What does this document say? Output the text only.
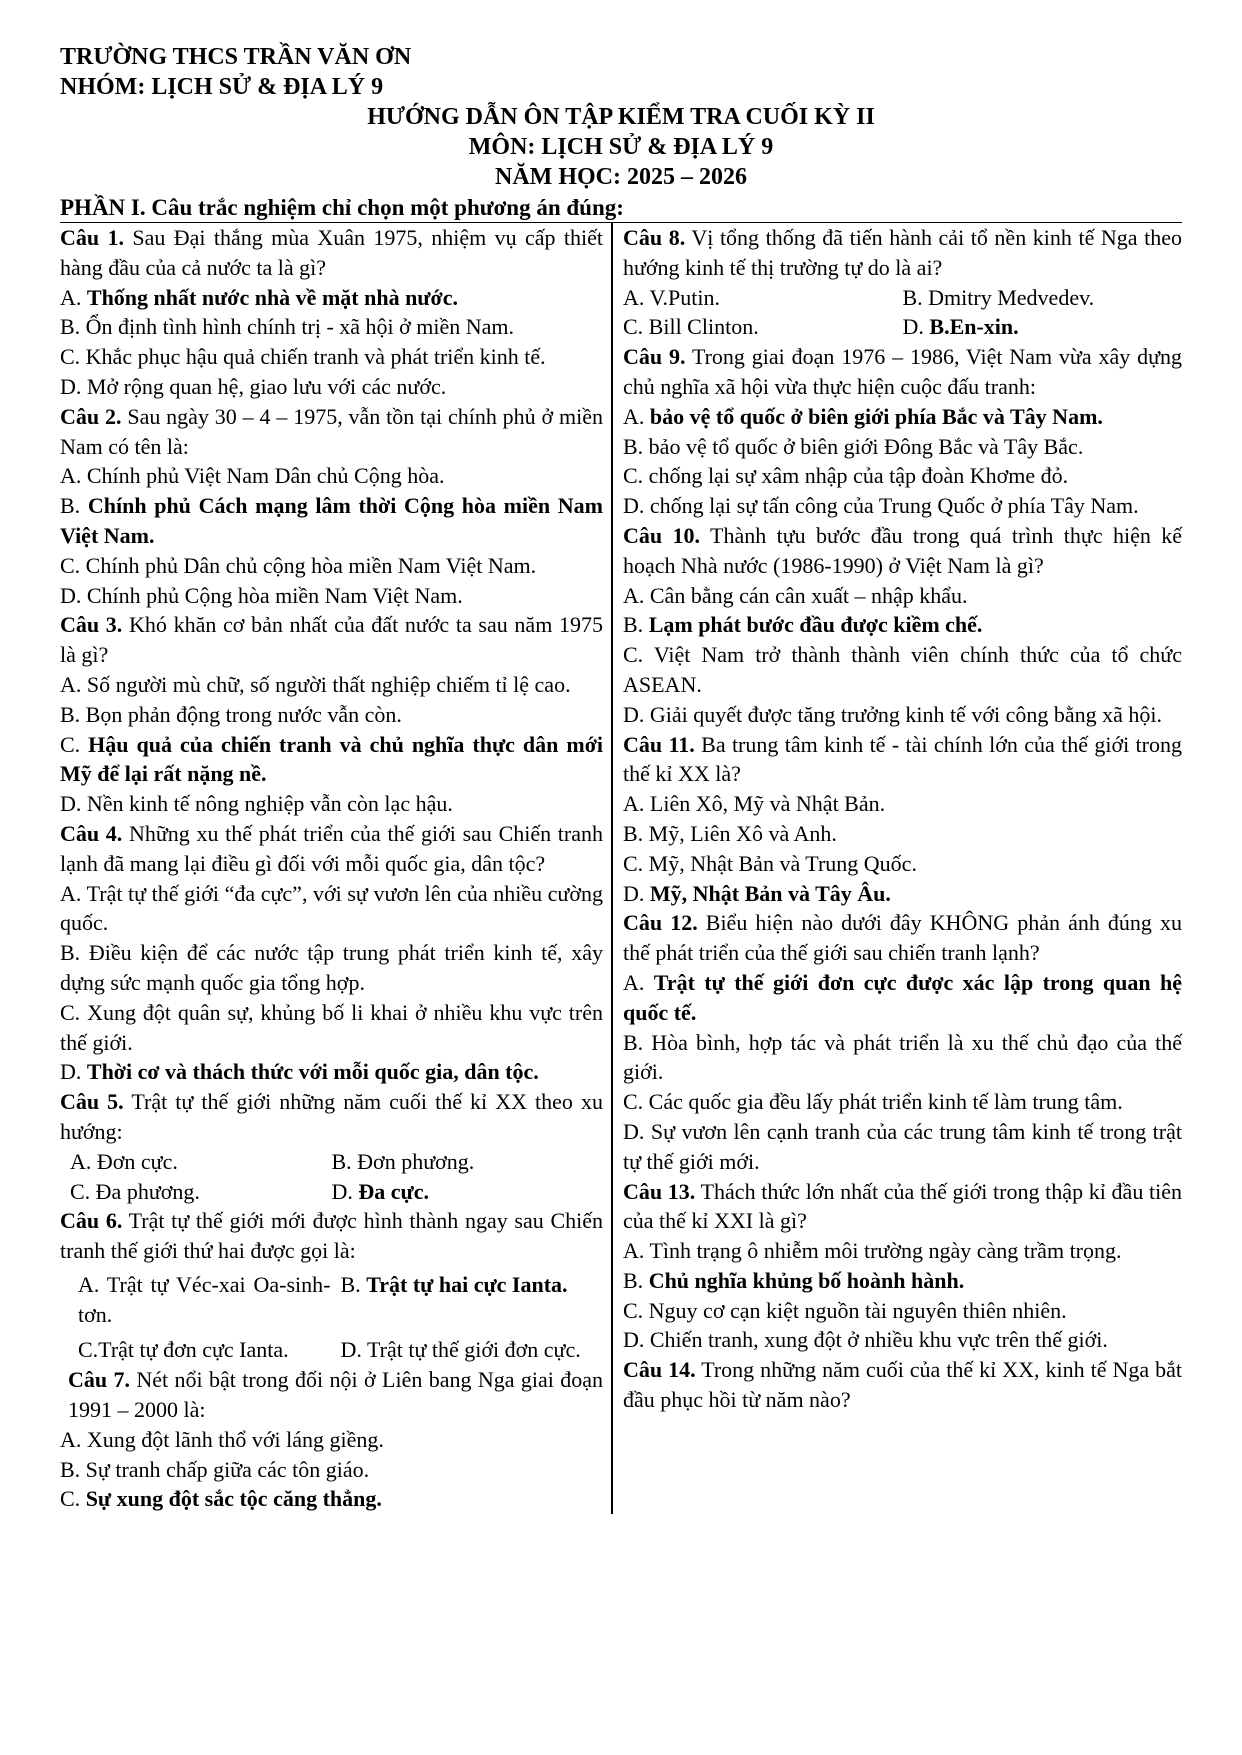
TRƯỜNG THCS TRẦN VĂN ƠN
NHÓM: LỊCH SỬ & ĐỊA LÝ 9
HƯỚNG DẪN ÔN TẬP KIỂM TRA CUỐI KỲ II
MÔN: LỊCH SỬ & ĐỊA LÝ 9
NĂM HỌC: 2025 – 2026
PHẦN I. Câu trắc nghiệm chỉ chọn một phương án đúng:
Câu 1. Sau Đại thắng mùa Xuân 1975, nhiệm vụ cấp thiết hàng đầu của cả nước ta là gì?
A. Thống nhất nước nhà về mặt nhà nước.
B. Ổn định tình hình chính trị - xã hội ở miền Nam.
C. Khắc phục hậu quả chiến tranh và phát triển kinh tế.
D. Mở rộng quan hệ, giao lưu với các nước.
Câu 2. Sau ngày 30 – 4 – 1975, vẫn tồn tại chính phủ ở miền Nam có tên là:
A. Chính phủ Việt Nam Dân chủ Cộng hòa.
B. Chính phủ Cách mạng lâm thời Cộng hòa miền Nam Việt Nam.
C. Chính phủ Dân chủ cộng hòa miền Nam Việt Nam.
D. Chính phủ Cộng hòa miền Nam Việt Nam.
Câu 3. Khó khăn cơ bản nhất của đất nước ta sau năm 1975 là gì?
A. Số người mù chữ, số người thất nghiệp chiếm tỉ lệ cao.
B. Bọn phản động trong nước vẫn còn.
C. Hậu quả của chiến tranh và chủ nghĩa thực dân mới Mỹ để lại rất nặng nề.
D. Nền kinh tế nông nghiệp vẫn còn lạc hậu.
Câu 4. Những xu thế phát triển của thế giới sau Chiến tranh lạnh đã mang lại điều gì đối với mỗi quốc gia, dân tộc?
A. Trật tự thế giới “đa cực”, với sự vươn lên của nhiều cường quốc.
B. Điều kiện để các nước tập trung phát triển kinh tế, xây dựng sức mạnh quốc gia tổng hợp.
C. Xung đột quân sự, khủng bố li khai ở nhiều khu vực trên thế giới.
D. Thời cơ và thách thức với mỗi quốc gia, dân tộc.
Câu 5. Trật tự thế giới những năm cuối thế kỉ XX theo xu hướng:
A. Đơn cực.	B. Đơn phương.
C. Đa phương.	D. Đa cực.
Câu 6. Trật tự thế giới mới được hình thành ngay sau Chiến tranh thế giới thứ hai được gọi là:
A. Trật tự Véc-xai Oa-sinh-tơn.
B. Trật tự hai cực Ianta.
C.Trật tự đơn cực Ianta.	D. Trật tự thế giới đơn cực.
Câu 7. Nét nổi bật trong đối nội ở Liên bang Nga giai đoạn 1991 – 2000 là:
A. Xung đột lãnh thổ với láng giềng.
B. Sự tranh chấp giữa các tôn giáo.
C. Sự xung đột sắc tộc căng thẳng.
Câu 8. Vị tổng thống đã tiến hành cải tổ nền kinh tế Nga theo hướng kinh tế thị trường tự do là ai?
A. V.Putin.	B. Dmitry Medvedev.
C. Bill Clinton.	D. B.En-xin.
Câu 9. Trong giai đoạn 1976 – 1986, Việt Nam vừa xây dựng chủ nghĩa xã hội vừa thực hiện cuộc đấu tranh:
A. bảo vệ tổ quốc ở biên giới phía Bắc và Tây Nam.
B. bảo vệ tổ quốc ở biên giới Đông Bắc và Tây Bắc.
C. chống lại sự xâm nhập của tập đoàn Khơme đỏ.
D. chống lại sự tấn công của Trung Quốc ở phía Tây Nam.
Câu 10. Thành tựu bước đầu trong quá trình thực hiện kế hoạch Nhà nước (1986-1990) ở Việt Nam là gì?
A. Cân bằng cán cân xuất – nhập khẩu.
B. Lạm phát bước đầu được kiềm chế.
C. Việt Nam trở thành thành viên chính thức của tổ chức ASEAN.
D. Giải quyết được tăng trưởng kinh tế với công bằng xã hội.
Câu 11. Ba trung tâm kinh tế - tài chính lớn của thế giới trong thế kỉ XX là?
A. Liên Xô, Mỹ và Nhật Bản.
B. Mỹ, Liên Xô và Anh.
C. Mỹ, Nhật Bản và Trung Quốc.
D. Mỹ, Nhật Bản và Tây Âu.
Câu 12. Biểu hiện nào dưới đây KHÔNG phản ánh đúng xu thế phát triển của thế giới sau chiến tranh lạnh?
A. Trật tự thế giới đơn cực được xác lập trong quan hệ quốc tế.
B. Hòa bình, hợp tác và phát triển là xu thế chủ đạo của thế giới.
C. Các quốc gia đều lấy phát triển kinh tế làm trung tâm.
D. Sự vươn lên cạnh tranh của các trung tâm kinh tế trong trật tự thế giới mới.
Câu 13. Thách thức lớn nhất của thế giới trong thập kỉ đầu tiên của thế kỉ XXI là gì?
A. Tình trạng ô nhiễm môi trường ngày càng trầm trọng.
B. Chủ nghĩa khủng bố hoành hành.
C. Nguy cơ cạn kiệt nguồn tài nguyên thiên nhiên.
D. Chiến tranh, xung đột ở nhiều khu vực trên thế giới.
Câu 14. Trong những năm cuối của thế kỉ XX, kinh tế Nga bắt đầu phục hồi từ năm nào?
